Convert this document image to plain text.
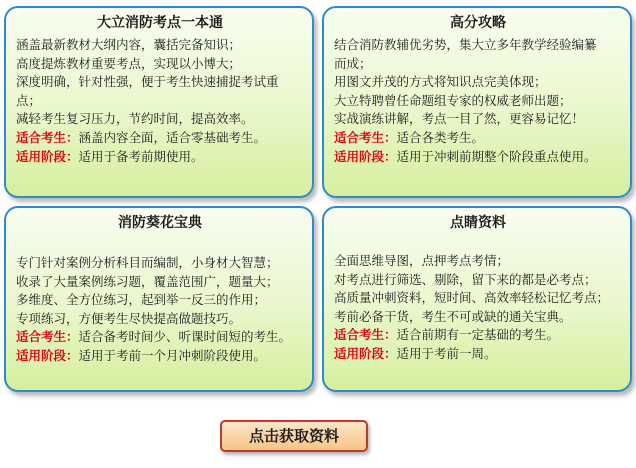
大立消防考点一本通

涵盖最新教材大纲内容，囊括完备知识；

高度提炼教材重要考点，实现以小博大；

深度明确，针对性强，便于考生快速捕捉考试重

点；

减轻考生复习压力，节约时间，提高效率。

适合考生：涵盖内容全面，适合零基础考生。

适用阶段：适用于备考前期使用。

高分攻略

结合消防教辅优劣势，集大立多年教学经验编纂

而成；

用图文并茂的方式将知识点完美体现；

大立特聘曾任命题组专家的权威老师出题；

实战演练讲解，考点一目了然，更容易记忆！

适合考生：适合各类考生。

适用阶段：适用于冲刺前期整个阶段重点使用。

消防葵花宝典

专门针对案例分析科目而编制，小身材大智慧；

收录了大量案例练习题，覆盖范围广，题量大；

多维度、全方位练习，起到举一反三的作用；

专项练习，方便考生尽快提高做题技巧。

适合考生：适合备考时间少、听课时间短的考生。

适用阶段：适用于考前一个月冲刺阶段使用。

点睛资料

全面思维导图，点押考点考情；

对考点进行筛选、剔除，留下来的都是必考点；

高质量冲刺资料，短时间、高效率轻松记忆考点；

考前必备干货，考生不可或缺的通关宝典。

适合考生：适合前期有一定基础的考生。

适用阶段：适用于考前一周。

点击获取资料
